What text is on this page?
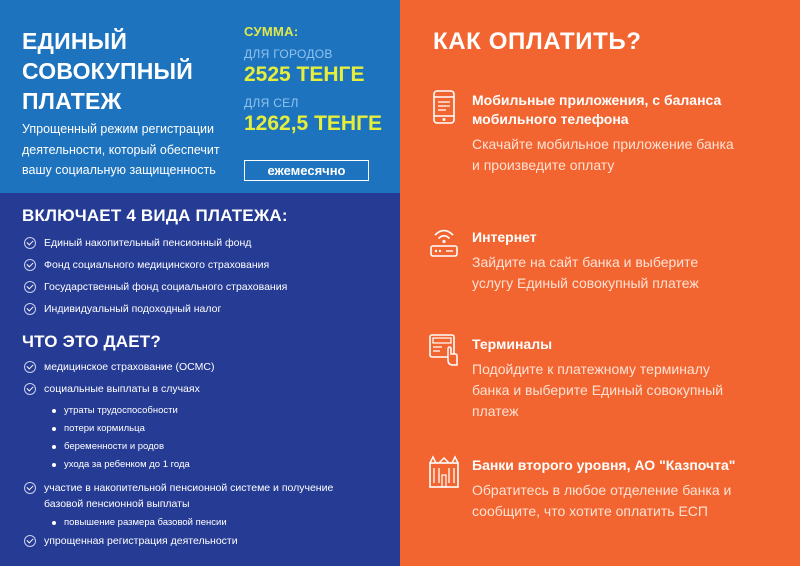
ЕДИНЫЙ
СОВОКУПНЫЙ
ПЛАТЕЖ
Упрощенный режим регистрации
деятельности, который обеспечит
вашу социальную защищенность
СУММА:
ДЛЯ ГОРОДОВ
2525 ТЕНГЕ
ДЛЯ СЕЛ
1262,5 ТЕНГЕ
ежемесячно
ВКЛЮЧАЕТ 4 ВИДА ПЛАТЕЖА:
Единый накопительный пенсионный фонд
Фонд социального медицинского страхования
Государственный фонд социального страхования
Индивидуальный подоходный налог
ЧТО ЭТО ДАЕТ?
медицинское страхование (ОСМС)
социальные выплаты в случаях
утраты трудоспособности
потери кормильца
беременности и родов
ухода за ребенком до 1 года
участие в накопительной пенсионной системе и получение
базовой пенсионной выплаты
повышение размера базовой пенсии
упрощенная регистрация деятельности
КАК ОПЛАТИТЬ?
Мобильные приложения, с баланса
мобильного телефона
Скачайте мобильное приложение банка
и произведите оплату
Интернет
Зайдите на сайт банка и выберите
услугу Единый совокупный платеж
Терминалы
Подойдите к платежному терминалу
банка и выберите Единый совокупный
платеж
Банки второго уровня, АО "Казпочта"
Обратитесь в любое отделение банка и
сообщите, что хотите оплатить ЕСП
